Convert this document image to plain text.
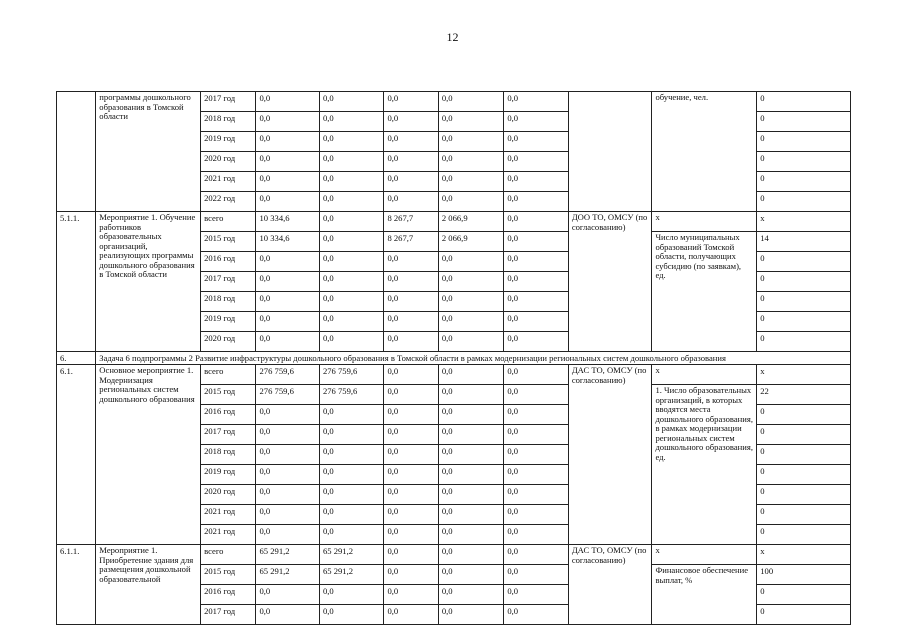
12
	программы дошкольного образования в Томской области	2017 год	0,0	0,0	0,0	0,0	0,0		обучение, чел.	0
		2018 год	0,0	0,0	0,0	0,0	0,0			0
		2019 год	0,0	0,0	0,0	0,0	0,0			0
		2020 год	0,0	0,0	0,0	0,0	0,0			0
		2021 год	0,0	0,0	0,0	0,0	0,0			0
		2022 год	0,0	0,0	0,0	0,0	0,0			0
5.1.1.	Мероприятие 1. Обучение работников образовательных организаций, реализующих программы дошкольного образования в Томской области	всего	10 334,6	0,0	8 267,7	2 066,9	0,0	ДОО ТО, ОМСУ (по согласованию)	х	х
		2015 год	10 334,6	0,0	8 267,7	2 066,9	0,0		Число муниципальных образований Томской области, получающих субсидию (по заявкам), ед.	14
		2016 год	0,0	0,0	0,0	0,0	0,0			0
		2017 год	0,0	0,0	0,0	0,0	0,0			0
		2018 год	0,0	0,0	0,0	0,0	0,0			0
		2019 год	0,0	0,0	0,0	0,0	0,0			0
		2020 год	0,0	0,0	0,0	0,0	0,0			0
6.	Задача 6 подпрограммы 2 Развитие инфраструктуры дошкольного образования в Томской области в рамках модернизации региональных систем дошкольного образования									
6.1.	Основное мероприятие 1. Модернизация региональных систем дошкольного образования	всего	276 759,6	276 759,6	0,0	0,0	0,0	ДАС ТО, ОМСУ (по согласованию)	х	х
		2015 год	276 759,6	276 759,6	0,0	0,0	0,0		1. Число образовательных организаций, в которых вводятся места дошкольного образования, в рамках модернизации региональных систем дошкольного образования, ед.	22
		2016 год	0,0	0,0	0,0	0,0	0,0			0
		2017 год	0,0	0,0	0,0	0,0	0,0			0
		2018 год	0,0	0,0	0,0	0,0	0,0			0
		2019 год	0,0	0,0	0,0	0,0	0,0			0
		2020 год	0,0	0,0	0,0	0,0	0,0			0
		2021 год	0,0	0,0	0,0	0,0	0,0			0
		2021 год	0,0	0,0	0,0	0,0	0,0			0
6.1.1.	Мероприятие 1. Приобретение здания для размещения дошкольной образовательной	всего	65 291,2	65 291,2	0,0	0,0	0,0	ДАС ТО, ОМСУ (по согласованию)	х	х
		2015 год	65 291,2	65 291,2	0,0	0,0	0,0		Финансовое обеспечение выплат, %	100
		2016 год	0,0	0,0	0,0	0,0	0,0			0
		2017 год	0,0	0,0	0,0	0,0	0,0			0
